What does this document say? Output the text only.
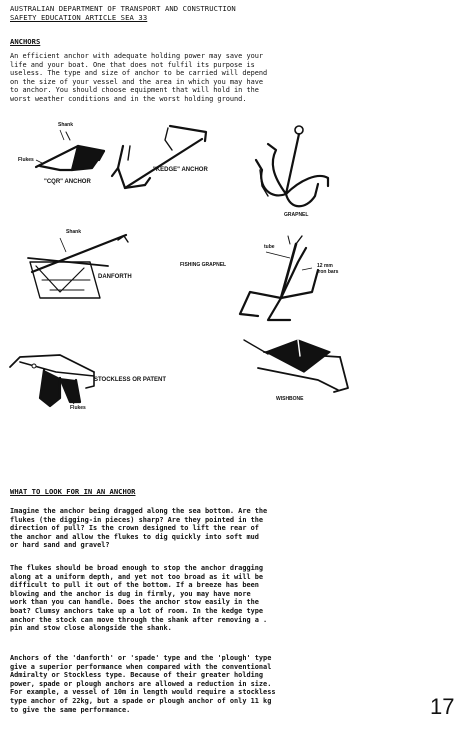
AUSTRALIAN DEPARTMENT OF TRANSPORT AND CONSTRUCTION
SAFETY EDUCATION ARTICLE SEA 33
ANCHORS
An efficient anchor with adequate holding power may save your
life and your boat. One that does not fulfil its purpose is
useless. The type and size of anchor to be carried will depend
on the size of your vessel and the area in which you may have
to anchor. You should choose equipment that will hold in the
worst weather conditions and in the worst holding ground.
Shank
Flukes
"CQR" ANCHOR
"KEDGE" ANCHOR
GRAPNEL
Shank
DANFORTH
FISHING GRAPNEL
tube
12 mm
iron bars
STOCKLESS OR PATENT
Flukes
WISHBONE
WHAT TO LOOK FOR IN AN ANCHOR
Imagine the anchor being dragged along the sea bottom. Are the
flukes (the digging-in pieces) sharp? Are they pointed in the
direction of pull? Is the crown designed to lift the rear of
the anchor and allow the flukes to dig quickly into soft mud
or hard sand and gravel?
The flukes should be broad enough to stop the anchor dragging
along at a uniform depth, and yet not too broad as it will be
difficult to pull it out of the bottom. If a breeze has been
blowing and the anchor is dug in firmly, you may have more
work than you can handle. Does the anchor stow easily in the
boat? Clumsy anchors take up a lot of room. In the kedge type
anchor the stock can move through the shank after removing a .
pin and stow close alongside the shank.
Anchors of the 'danforth' or 'spade' type and the 'plough' type
give a superior performance when compared with the conventional
Admiralty or Stockless type. Because of their greater holding
power, spade or plough anchors are allowed a reduction in size.
For example, a vessel of 10m in length would require a stockless
type anchor of 22kg, but a spade or plough anchor of only 11 kg
to give the same performance.	17
